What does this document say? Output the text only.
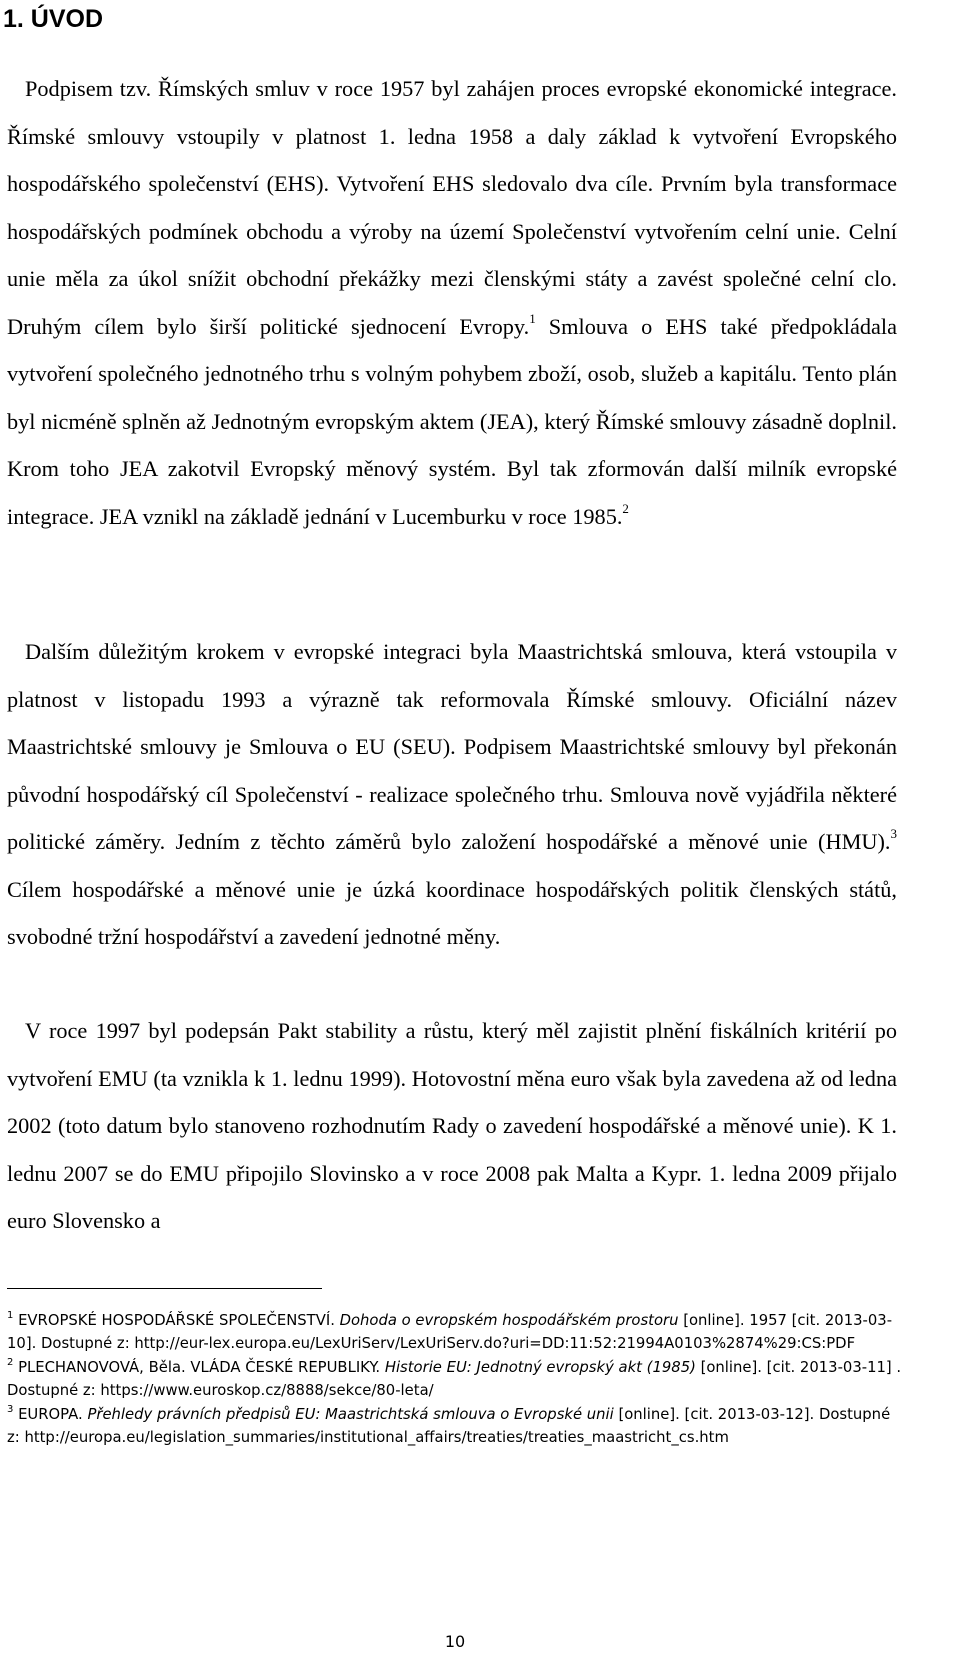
1. ÚVOD

Podpisem tzv. Římských smluv v roce 1957 byl zahájen proces evropské ekonomické integrace. Římské smlouvy vstoupily v platnost 1. ledna 1958 a daly základ k vytvoření Evropského hospodářského společenství (EHS). Vytvoření EHS sledovalo dva cíle. Prvním byla transformace hospodářských podmínek obchodu a výroby na území Společenství vytvořením celní unie. Celní unie měla za úkol snížit obchodní překážky mezi členskými státy a zavést společné celní clo. Druhým cílem bylo širší politické sjednocení Evropy.$^1$ Smlouva o EHS také předpokládala vytvoření společného jednotného trhu s volným pohybem zboží, osob, služeb a kapitálu. Tento plán byl nicméně splněn až Jednotným evropským aktem (JEA), který Římské smlouvy zásadně doplnil. Krom toho JEA zakotvil Evropský měnový systém. Byl tak zformován další milník evropské integrace. JEA vznikl na základě jednání v Lucemburku v roce 1985.$^2$

Dalším důležitým krokem v evropské integraci byla Maastrichtská smlouva, která vstoupila v platnost v listopadu 1993 a výrazně tak reformovala Římské smlouvy. Oficiální název Maastrichtské smlouvy je Smlouva o EU (SEU). Podpisem Maastrichtské smlouvy byl překonán původní hospodářský cíl Společenství - realizace společného trhu. Smlouva nově vyjádřila některé politické záměry. Jedním z těchto záměrů bylo založení hospodářské a měnové unie (HMU).$^3$ Cílem hospodářské a měnové unie je úzká koordinace hospodářských politik členských států, svobodné tržní hospodářství a zavedení jednotné měny.

V roce 1997 byl podepsán Pakt stability a růstu, který měl zajistit plnění fiskálních kritérií po vytvoření EMU (ta vznikla k 1. lednu 1999). Hotovostní měna euro však byla zavedena až od ledna 2002 (toto datum bylo stanoveno rozhodnutím Rady o zavedení hospodářské a měnové unie). K 1. lednu 2007 se do EMU připojilo Slovinsko a v roce 2008 pak Malta a Kypr. 1. ledna 2009 přijalo euro Slovensko a

$^1$ EVROPSKÉ HOSPODÁŘSKÉ SPOLEČENSTVÍ. Dohoda o evropském hospodářském prostoru [online]. 1957 [cit. 2013-03-10]. Dostupné z: http://eur-lex.europa.eu/LexUriServ/LexUriServ.do?uri=DD:11:52:21994A0103%2874%29:CS:PDF

$^2$ PLECHANOVOVÁ, Běla. VLÁDA ČESKÉ REPUBLIKY. Historie EU: Jednotný evropský akt (1985) [online]. [cit. 2013-03-11] . Dostupné z: https://www.euroskop.cz/8888/sekce/80-leta/

$^3$ EUROPA. Přehledy právních předpisů EU: Maastrichtská smlouva o Evropské unii [online]. [cit. 2013-03-12]. Dostupné z: http://europa.eu/legislation_summaries/institutional_affairs/treaties/treaties_maastricht_cs.htm

10
